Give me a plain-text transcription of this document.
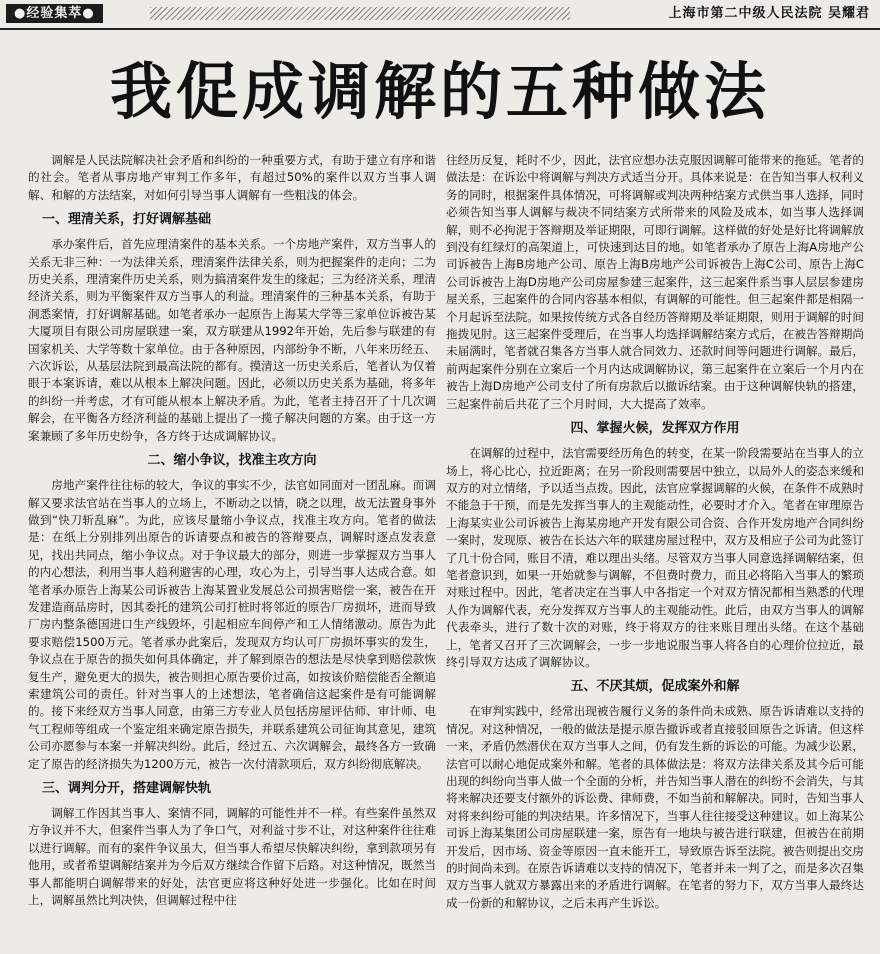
●经验集萃●	上海市第二中级人民法院 吴耀君
我促成调解的五种做法

调解是人民法院解决社会矛盾和纠纷的一种重要方式，有助于建立有序和谐的社会。笔者从事房地产审判工作多年，有超过50%的案件以双方当事人调解、和解的方法结案，对如何引导当事人调解有一些粗浅的体会。

一、理清关系，打好调解基础

承办案件后，首先应理清案件的基本关系。一个房地产案件，双方当事人的关系无非三种：一为法律关系，理清案件法律关系，则为把握案件的走向；二为历史关系，理清案件历史关系，则为搞清案件发生的缘起；三为经济关系，理清经济关系，则为平衡案件双方当事人的利益。理清案件的三种基本关系，有助于洞悉案情，打好调解基础。如笔者承办一起原告上海某大学等三家单位诉被告某大厦项目有限公司房屋联建一案，双方联建从1992年开始，先后参与联建的有国家机关、大学等数十家单位。由于各种原因，内部纷争不断，八年来历经五、六次诉讼，从基层法院到最高法院的都有。摸清这一历史关系后，笔者认为仅着眼于本案诉请，难以从根本上解决问题。因此，必须以历史关系为基础，将多年的纠纷一并考虑，才有可能从根本上解决矛盾。为此，笔者主持召开了十几次调解会，在平衡各方经济利益的基础上提出了一揽子解决问题的方案。由于这一方案兼顾了多年历史纷争，各方终于达成调解协议。

二、缩小争议，找准主攻方向

房地产案件往往标的较大，争议的事实不少，法官如同面对一团乱麻。而调解又要求法官站在当事人的立场上，不断动之以情，晓之以理，故无法置身事外做到“快刀斩乱麻”。为此，应该尽量缩小争议点，找准主攻方向。笔者的做法是：在纸上分别排列出原告的诉请要点和被告的答辩要点，调解时逐点发表意见，找出共同点，缩小争议点。对于争议最大的部分，则进一步掌握双方当事人的内心想法，利用当事人趋利避害的心理，攻心为上，引导当事人达成合意。如笔者承办原告上海某公司诉被告上海某置业发展总公司损害赔偿一案，被告在开发建造商品房时，因其委托的建筑公司打桩时将邻近的原告厂房损坏，进而导致厂房内整条德国进口生产线毁坏，引起相应车间停产和工人情绪激动。原告为此要求赔偿1500万元。笔者承办此案后，发现双方均认可厂房损坏事实的发生，争议点在于原告的损失如何具体确定，并了解到原告的想法是尽快拿到赔偿款恢复生产，避免更大的损失，被告则担心原告要价过高，如按该价赔偿能否全额追索建筑公司的责任。针对当事人的上述想法，笔者确信这起案件是有可能调解的。接下来经双方当事人同意，由第三方专业人员包括房屋评估师、审计师、电气工程师等组成一个鉴定组来确定原告损失，并联系建筑公司征询其意见，建筑公司亦愿参与本案一并解决纠纷。此后，经过五、六次调解会，最终各方一致确定了原告的经济损失为1200万元，被告一次付清款项后，双方纠纷彻底解决。

三、调判分开，搭建调解快轨

调解工作因其当事人、案情不同，调解的可能性并不一样。有些案件虽然双方争议并不大，但案件当事人为了争口气，对利益寸步不让，对这种案件往往难以进行调解。而有的案件争议虽大，但当事人希望尽快解决纠纷，拿到款项另有他用，或者希望调解结案并为今后双方继续合作留下后路。对这种情况，既然当事人都能明白调解带来的好处，法官更应将这种好处进一步强化。比如在时间上，调解虽然比判决快，但调解过程中往

往经历反复，耗时不少，因此，法官应想办法克服因调解可能带来的拖延。笔者的做法是：在诉讼中将调解与判决方式适当分开。具体来说是：在告知当事人权利义务的同时，根据案件具体情况，可将调解或判决两种结案方式供当事人选择，同时必须告知当事人调解与裁决不同结案方式所带来的风险及成本，如当事人选择调解，则不必拘泥于答辩期及举证期限，可即行调解。这样做的好处是好比将调解放到没有红绿灯的高架道上，可快速到达目的地。如笔者承办了原告上海A房地产公司诉被告上海B房地产公司、原告上海B房地产公司诉被告上海C公司、原告上海C公司诉被告上海D房地产公司房屋参建三起案件，这三起案件系当事人层层参建房屋关系，三起案件的合同内容基本相似，有调解的可能性。但三起案件都是相隔一个月起诉至法院。如果按传统方式各自经历答辩期及举证期限，则用于调解的时间拖拨见肘。这三起案件受理后，在当事人均选择调解结案方式后，在被告答辩期尚未届满时，笔者就召集各方当事人就合同效力、还款时间等问题进行调解。最后，前两起案件分别在立案后一个月内达成调解协议，第三起案件在立案后一个月内在被告上海D房地产公司支付了所有房款后以撤诉结案。由于这种调解快轨的搭建，三起案件前后共花了三个月时间，大大提高了效率。

四、掌握火候，发挥双方作用

在调解的过程中，法官需要经历角色的转变，在某一阶段需要站在当事人的立场上，将心比心，拉近距离；在另一阶段则需要居中独立，以局外人的姿态来缓和双方的对立情绪，予以适当点拨。因此，法官应掌握调解的火候，在条件不成熟时不能急于干预，而是先发挥当事人的主观能动性，必要时才介入。笔者在审理原告上海某实业公司诉被告上海某房地产开发有限公司合资、合作开发房地产合同纠纷一案时，发现原、被告在长达六年的联建房屋过程中，双方及相应子公司为此签订了几十份合同，账目不清，难以理出头绪。尽管双方当事人同意选择调解结案，但笔者意识到，如果一开始就参与调解，不但费时费力，而且必将陷入当事人的繁琐对账过程中。因此，笔者决定在当事人中各指定一个对双方情况都相当熟悉的代理人作为调解代表，充分发挥双方当事人的主观能动性。此后，由双方当事人的调解代表牵头，进行了数十次的对账，终于将双方的往来账目理出头绪。在这个基础上，笔者又召开了三次调解会，一步一步地说服当事人将各自的心理价位拉近，最终引导双方达成了调解协议。

五、不厌其烦，促成案外和解

在审判实践中，经常出现被告履行义务的条件尚未成熟、原告诉请难以支持的情况。对这种情况，一般的做法是提示原告撤诉或者直接驳回原告之诉请。但这样一来，矛盾仍然潜伏在双方当事人之间，仍有发生新的诉讼的可能。为减少讼累，法官可以耐心地促成案外和解。笔者的具体做法是：将双方法律关系及其今后可能出现的纠纷向当事人做一个全面的分析，并告知当事人潜在的纠纷不会消失，与其将来解决还要支付额外的诉讼费、律师费，不如当前和解解决。同时，告知当事人对将来纠纷可能的判决结果。许多情况下，当事人往往接受这种建议。如上海某公司诉上海某集团公司房屋联建一案，原告有一地块与被告进行联建，但被告在前期开发后，因市场、资金等原因一直未能开工，导致原告诉至法院。被告则提出交房的时间尚未到。在原告诉请难以支持的情况下，笔者并未一判了之，而是多次召集双方当事人就双方暴露出来的矛盾进行调解。在笔者的努力下，双方当事人最终达成一份新的和解协议，之后未再产生诉讼。
